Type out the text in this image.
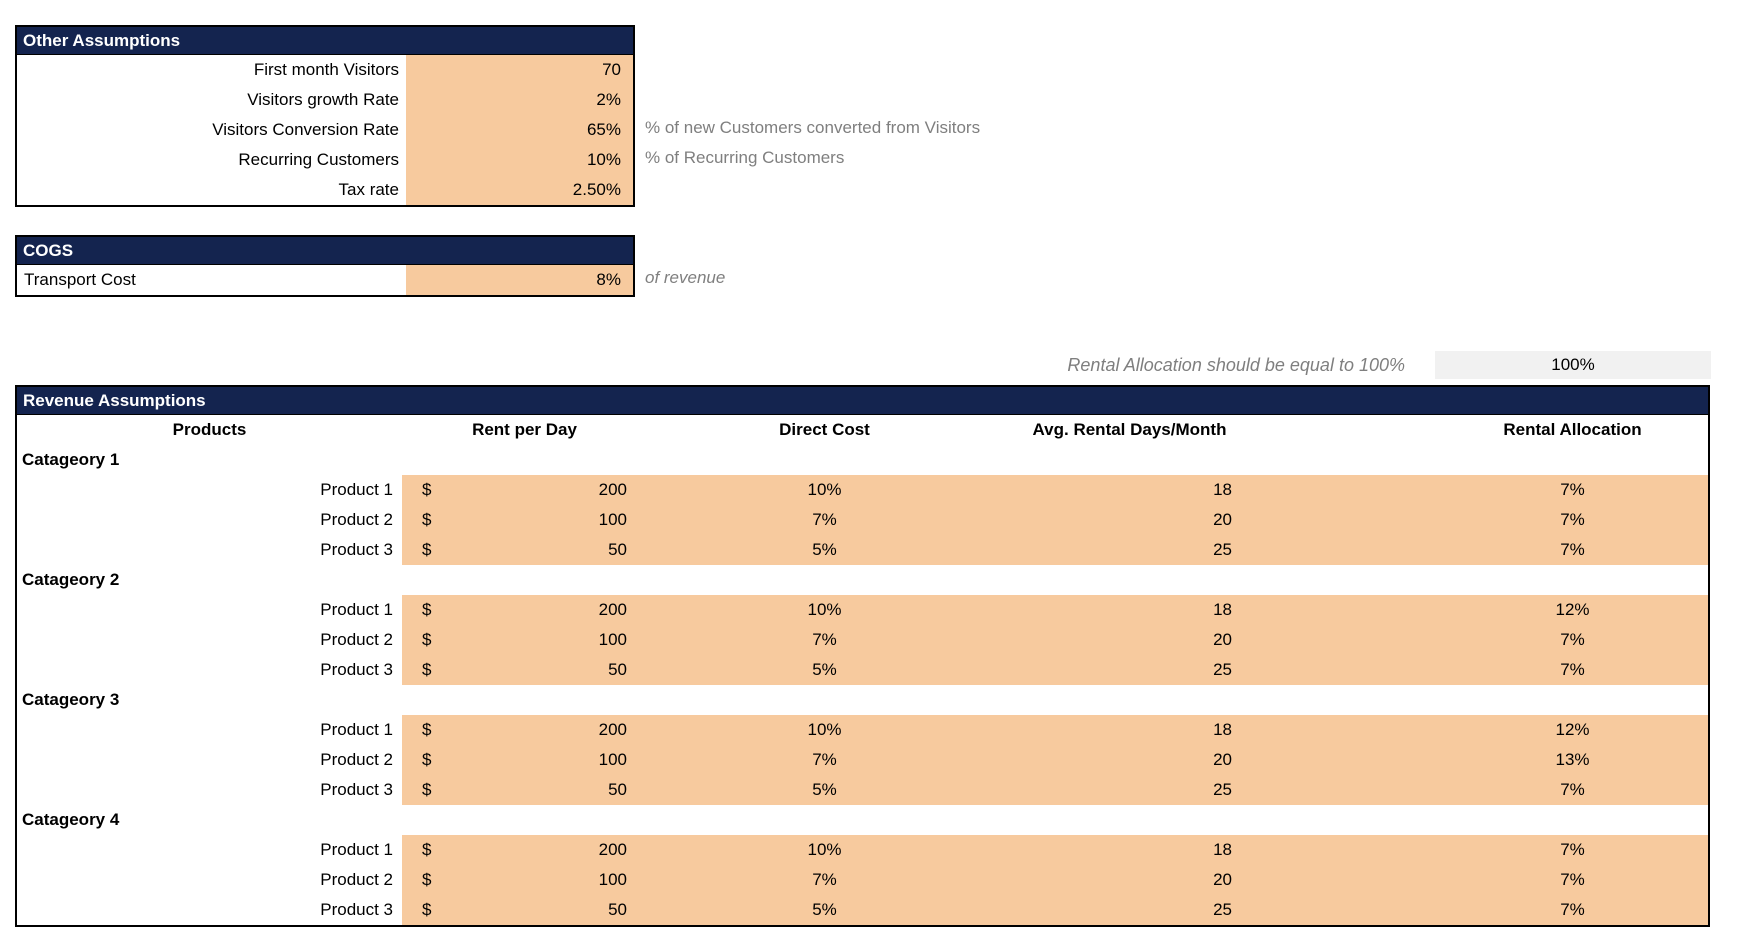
Other Assumptions
First month Visitors	70
Visitors growth Rate	2%
Visitors Conversion Rate	65%
Recurring Customers	10%
Tax rate	2.50%
% of new Customers converted from Visitors
% of Recurring Customers
COGS
Transport Cost	8%	of revenue
Rental Allocation should be equal to 100%	100%
Revenue Assumptions
Products	Rent per Day	Direct Cost	Avg. Rental Days/Month	Rental Allocation
Catageory 1
Product 1	$	200	10%	18	7%
Product 2	$	100	7%	20	7%
Product 3	$	50	5%	25	7%
Catageory 2
Product 1	$	200	10%	18	12%
Product 2	$	100	7%	20	7%
Product 3	$	50	5%	25	7%
Catageory 3
Product 1	$	200	10%	18	12%
Product 2	$	100	7%	20	13%
Product 3	$	50	5%	25	7%
Catageory 4
Product 1	$	200	10%	18	7%
Product 2	$	100	7%	20	7%
Product 3	$	50	5%	25	7%
